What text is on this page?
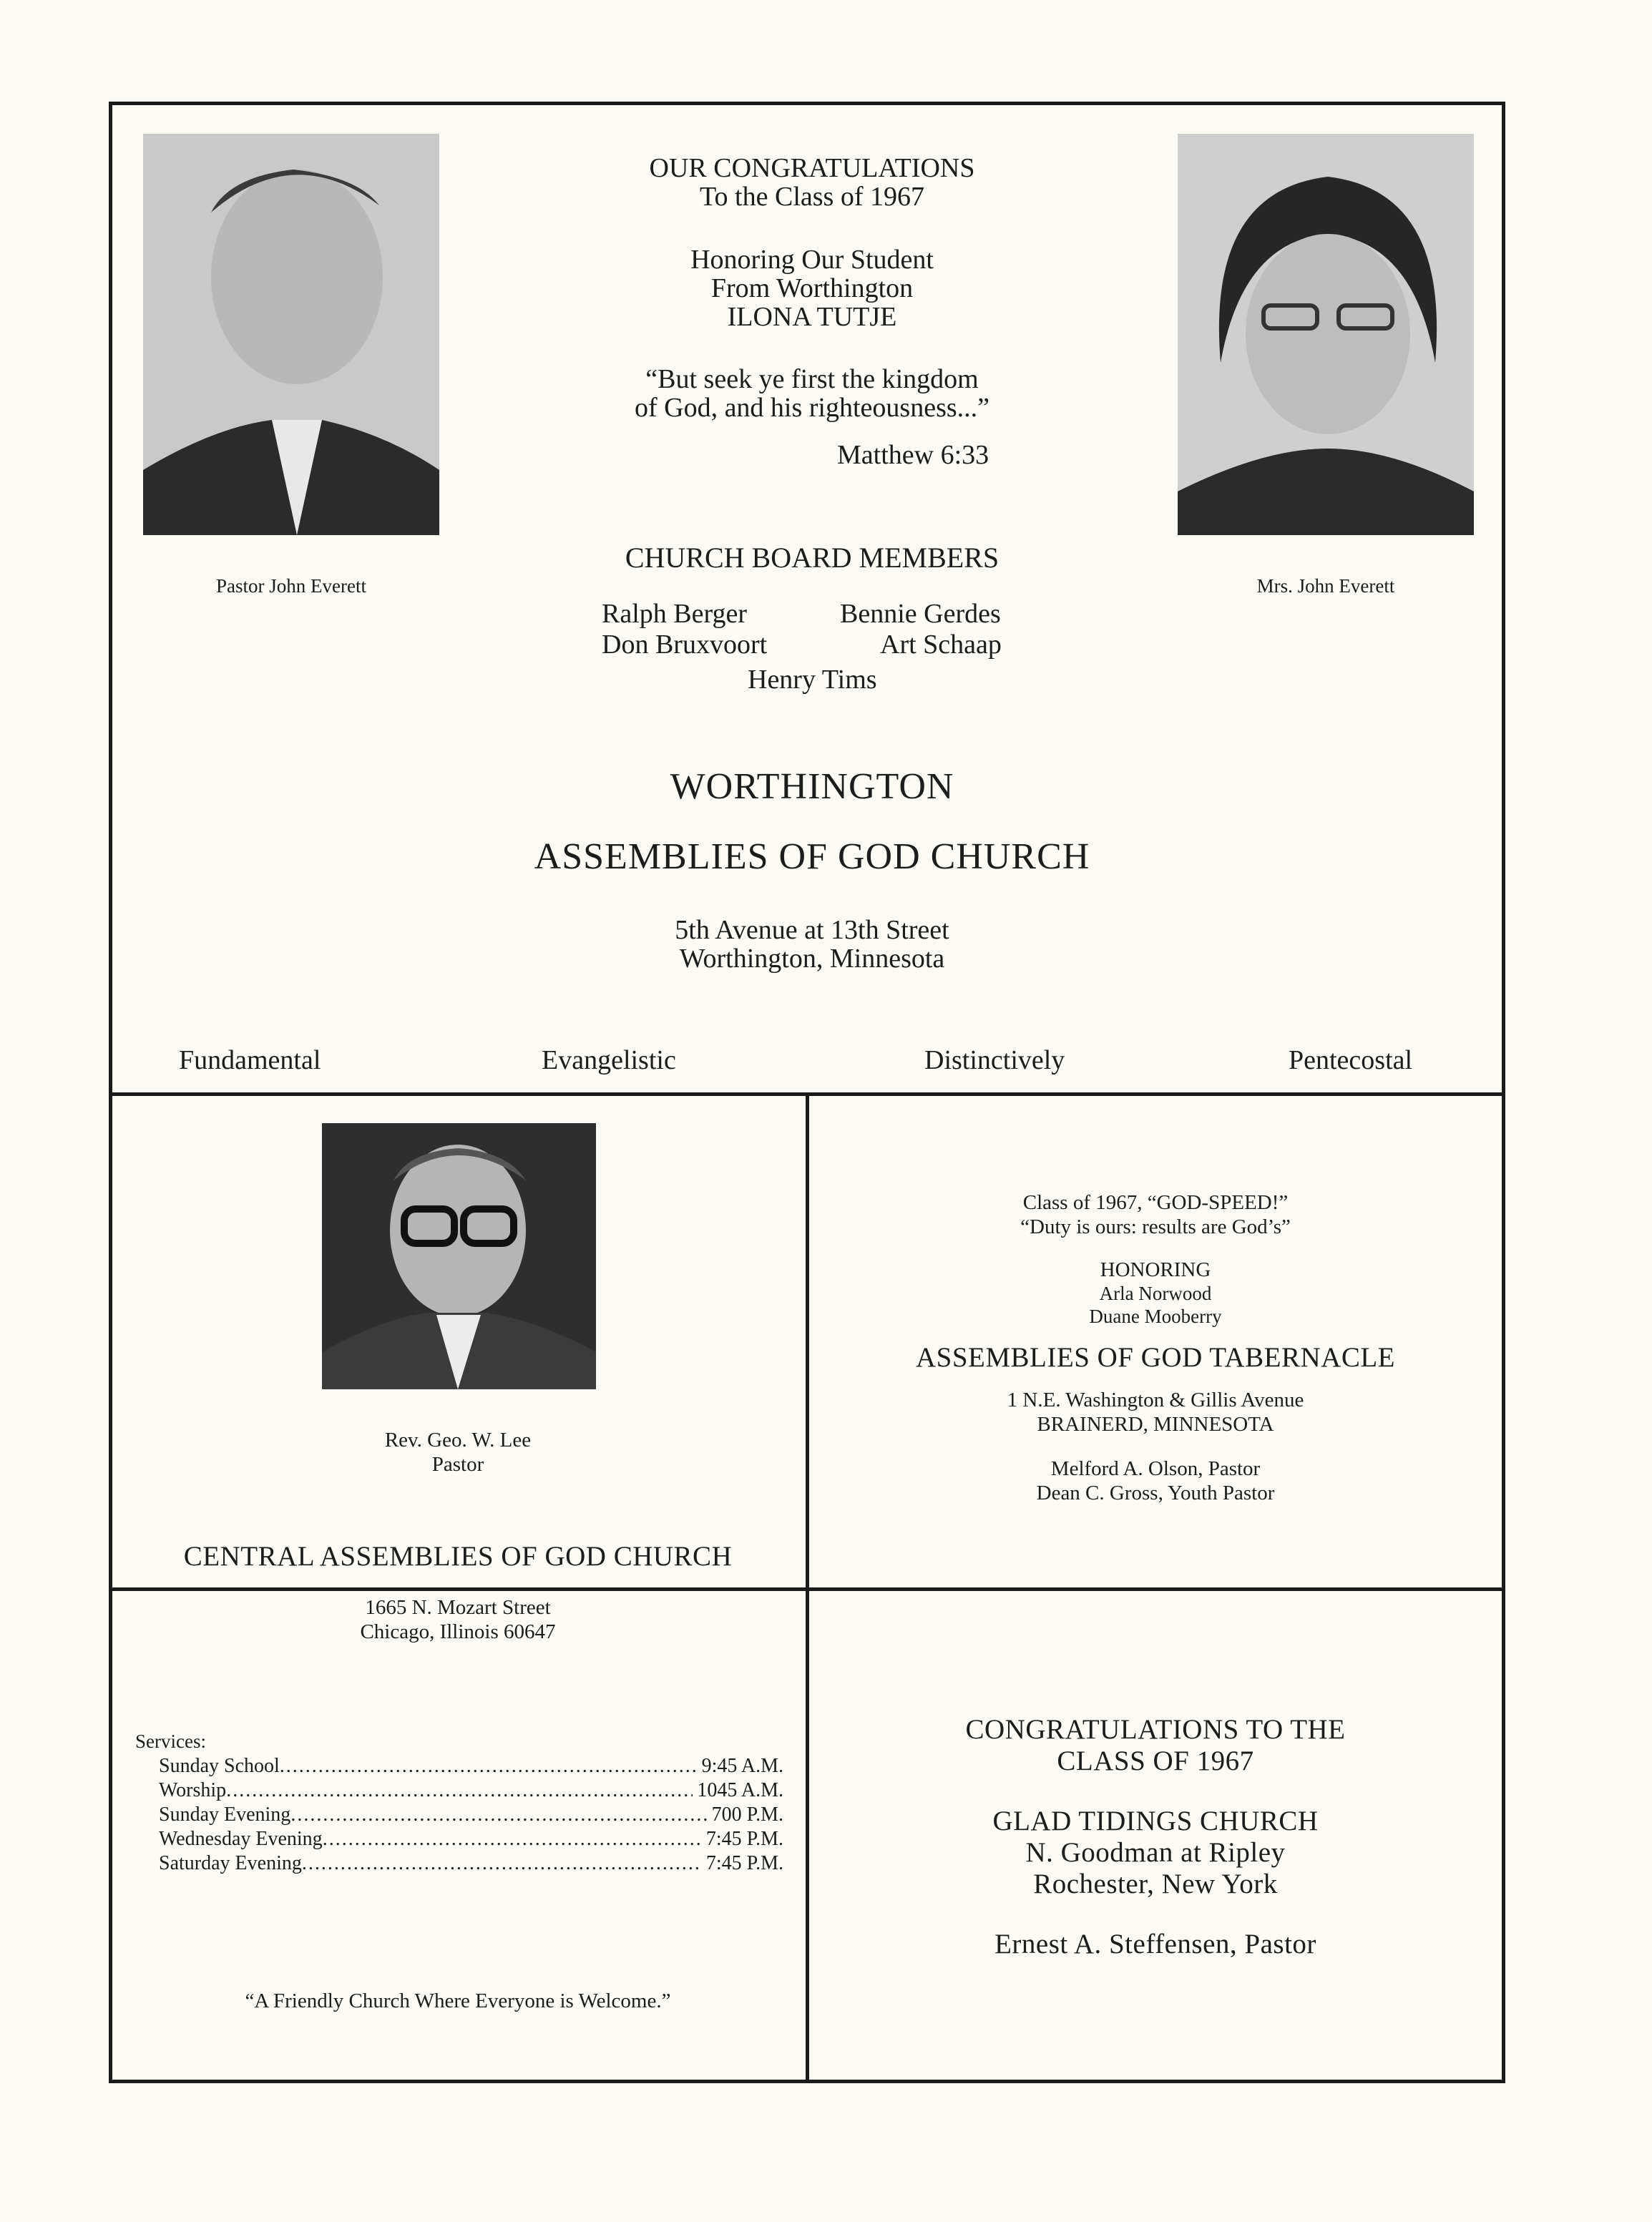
Pastor John Everett	Mrs. John Everett
OUR CONGRATULATIONS
To the Class of 1967
Honoring Our Student
From Worthington
ILONA TUTJE
“But seek ye first the kingdom
of God, and his righteousness...”
Matthew 6:33
CHURCH BOARD MEMBERS
Ralph Berger	Bennie Gerdes
Don Bruxvoort	Art Schaap
Henry Tims
WORTHINGTON
ASSEMBLIES OF GOD CHURCH
5th Avenue at 13th Street
Worthington, Minnesota
Fundamental	Evangelistic	Distinctively	Pentecostal
Rev. Geo. W. Lee
Pastor
CENTRAL ASSEMBLIES OF GOD CHURCH
Class of 1967, “GOD-SPEED!”
“Duty is ours: results are God’s”
HONORING
Arla Norwood
Duane Mooberry
ASSEMBLIES OF GOD TABERNACLE
1 N.E. Washington & Gillis Avenue
BRAINERD, MINNESOTA
Melford A. Olson, Pastor
Dean C. Gross, Youth Pastor
1665 N. Mozart Street
Chicago, Illinois 60647
Services:
Sunday School .....	9:45 A.M.
Worship .....	1045 A.M.
Sunday Evening .....	700 P.M.
Wednesday Evening .....	7:45 P.M.
Saturday Evening .....	7:45 P.M.
“A Friendly Church Where Everyone is Welcome.”
CONGRATULATIONS TO THE
CLASS OF 1967
GLAD TIDINGS CHURCH
N. Goodman at Ripley
Rochester, New York
Ernest A. Steffensen, Pastor
